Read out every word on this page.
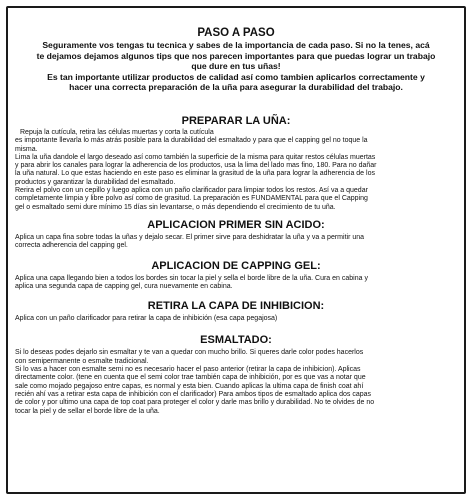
PASO A PASO
Seguramente vos tengas tu tecnica y sabes de la importancia de cada paso. Si no la tenes, acá
te dejamos dejamos algunos tips que nos parecen importantes para que puedas lograr un trabajo
que dure en tus uñas!
Es tan importante utilizar productos de calidad así como tambien aplicarlos correctamente y
hacer una correcta preparación de la uña para asegurar la durabilidad del trabajo.
PREPARAR LA UÑA:
Repuja la cutícula, retira las células muertas y corta la cutícula
es importante llevarla lo más atrás posible para la durabilidad del esmaltado y para que el capping gel no toque la
misma.
Lima la uña dandole el largo deseado así como también la superficie de la misma para quitar restos células muertas
y para abrir los canales para lograr la adherencia de los productos, usa la lima del lado mas fino, 180. Para no dañar
la uña natural. Lo que estas haciendo en este paso es eliminar la grasitud de la uña para lograr la adherencia de los
productos y garantizar la durabilidad del esmaltado.
Rerira el polvo con un cepillo y luego aplica con un paño clarificador para limpiar todos los restos. Así va a quedar
completamente limpia y libre polvo así como de grasitud. La preparación es FUNDAMENTAL para que el Capping
gel o esmaltado semi dure mínimo 15 días sin levantarse, o más dependiendo el crecimiento de tu uña.
APLICACION PRIMER SIN ACIDO:
Aplica un capa fina sobre todas la uñas y dejalo secar. El primer sirve para deshidratar la uña y va a permitir una
correcta adherencia del capping gel.
APLICACION DE CAPPING GEL:
Aplica una capa llegando bien a todos los bordes sin tocar la piel y sella el borde libre de la uña. Cura en cabina y
aplica una segunda capa de capping gel, cura nuevamente en cabina.
RETIRA LA CAPA DE INHIBICION:
Aplica con un paño clarificador para retirar la capa de inhibición (esa capa pegajosa)
ESMALTADO:
Si lo deseas podes dejarlo sin esmaltar y te van a quedar con mucho brillo. Si queres darle color podes hacerlos
con semipermanente o esmalte tradicional.
Si lo vas a hacer con esmalte semi no es necesario hacer el paso anterior (retirar la capa de inhibicion). Aplicas
directamente color. (tene en cuenta que el semi color trae también capa de inhibición, por es que vas a notar que
sale como mojado pegajoso entre capas, es normal y esta bien. Cuando aplicas la ultima capa de finish coat ahí
recién ahí vas a retirar esta capa de inhibición con el clarificador) Para ambos tipos de esmaltado aplica dos capas
de color y por ultimo una capa de top coat para proteger el color y darle mas brillo y durabilidad. No te olvides de no
tocar la piel y de sellar el borde libre de la uña.
